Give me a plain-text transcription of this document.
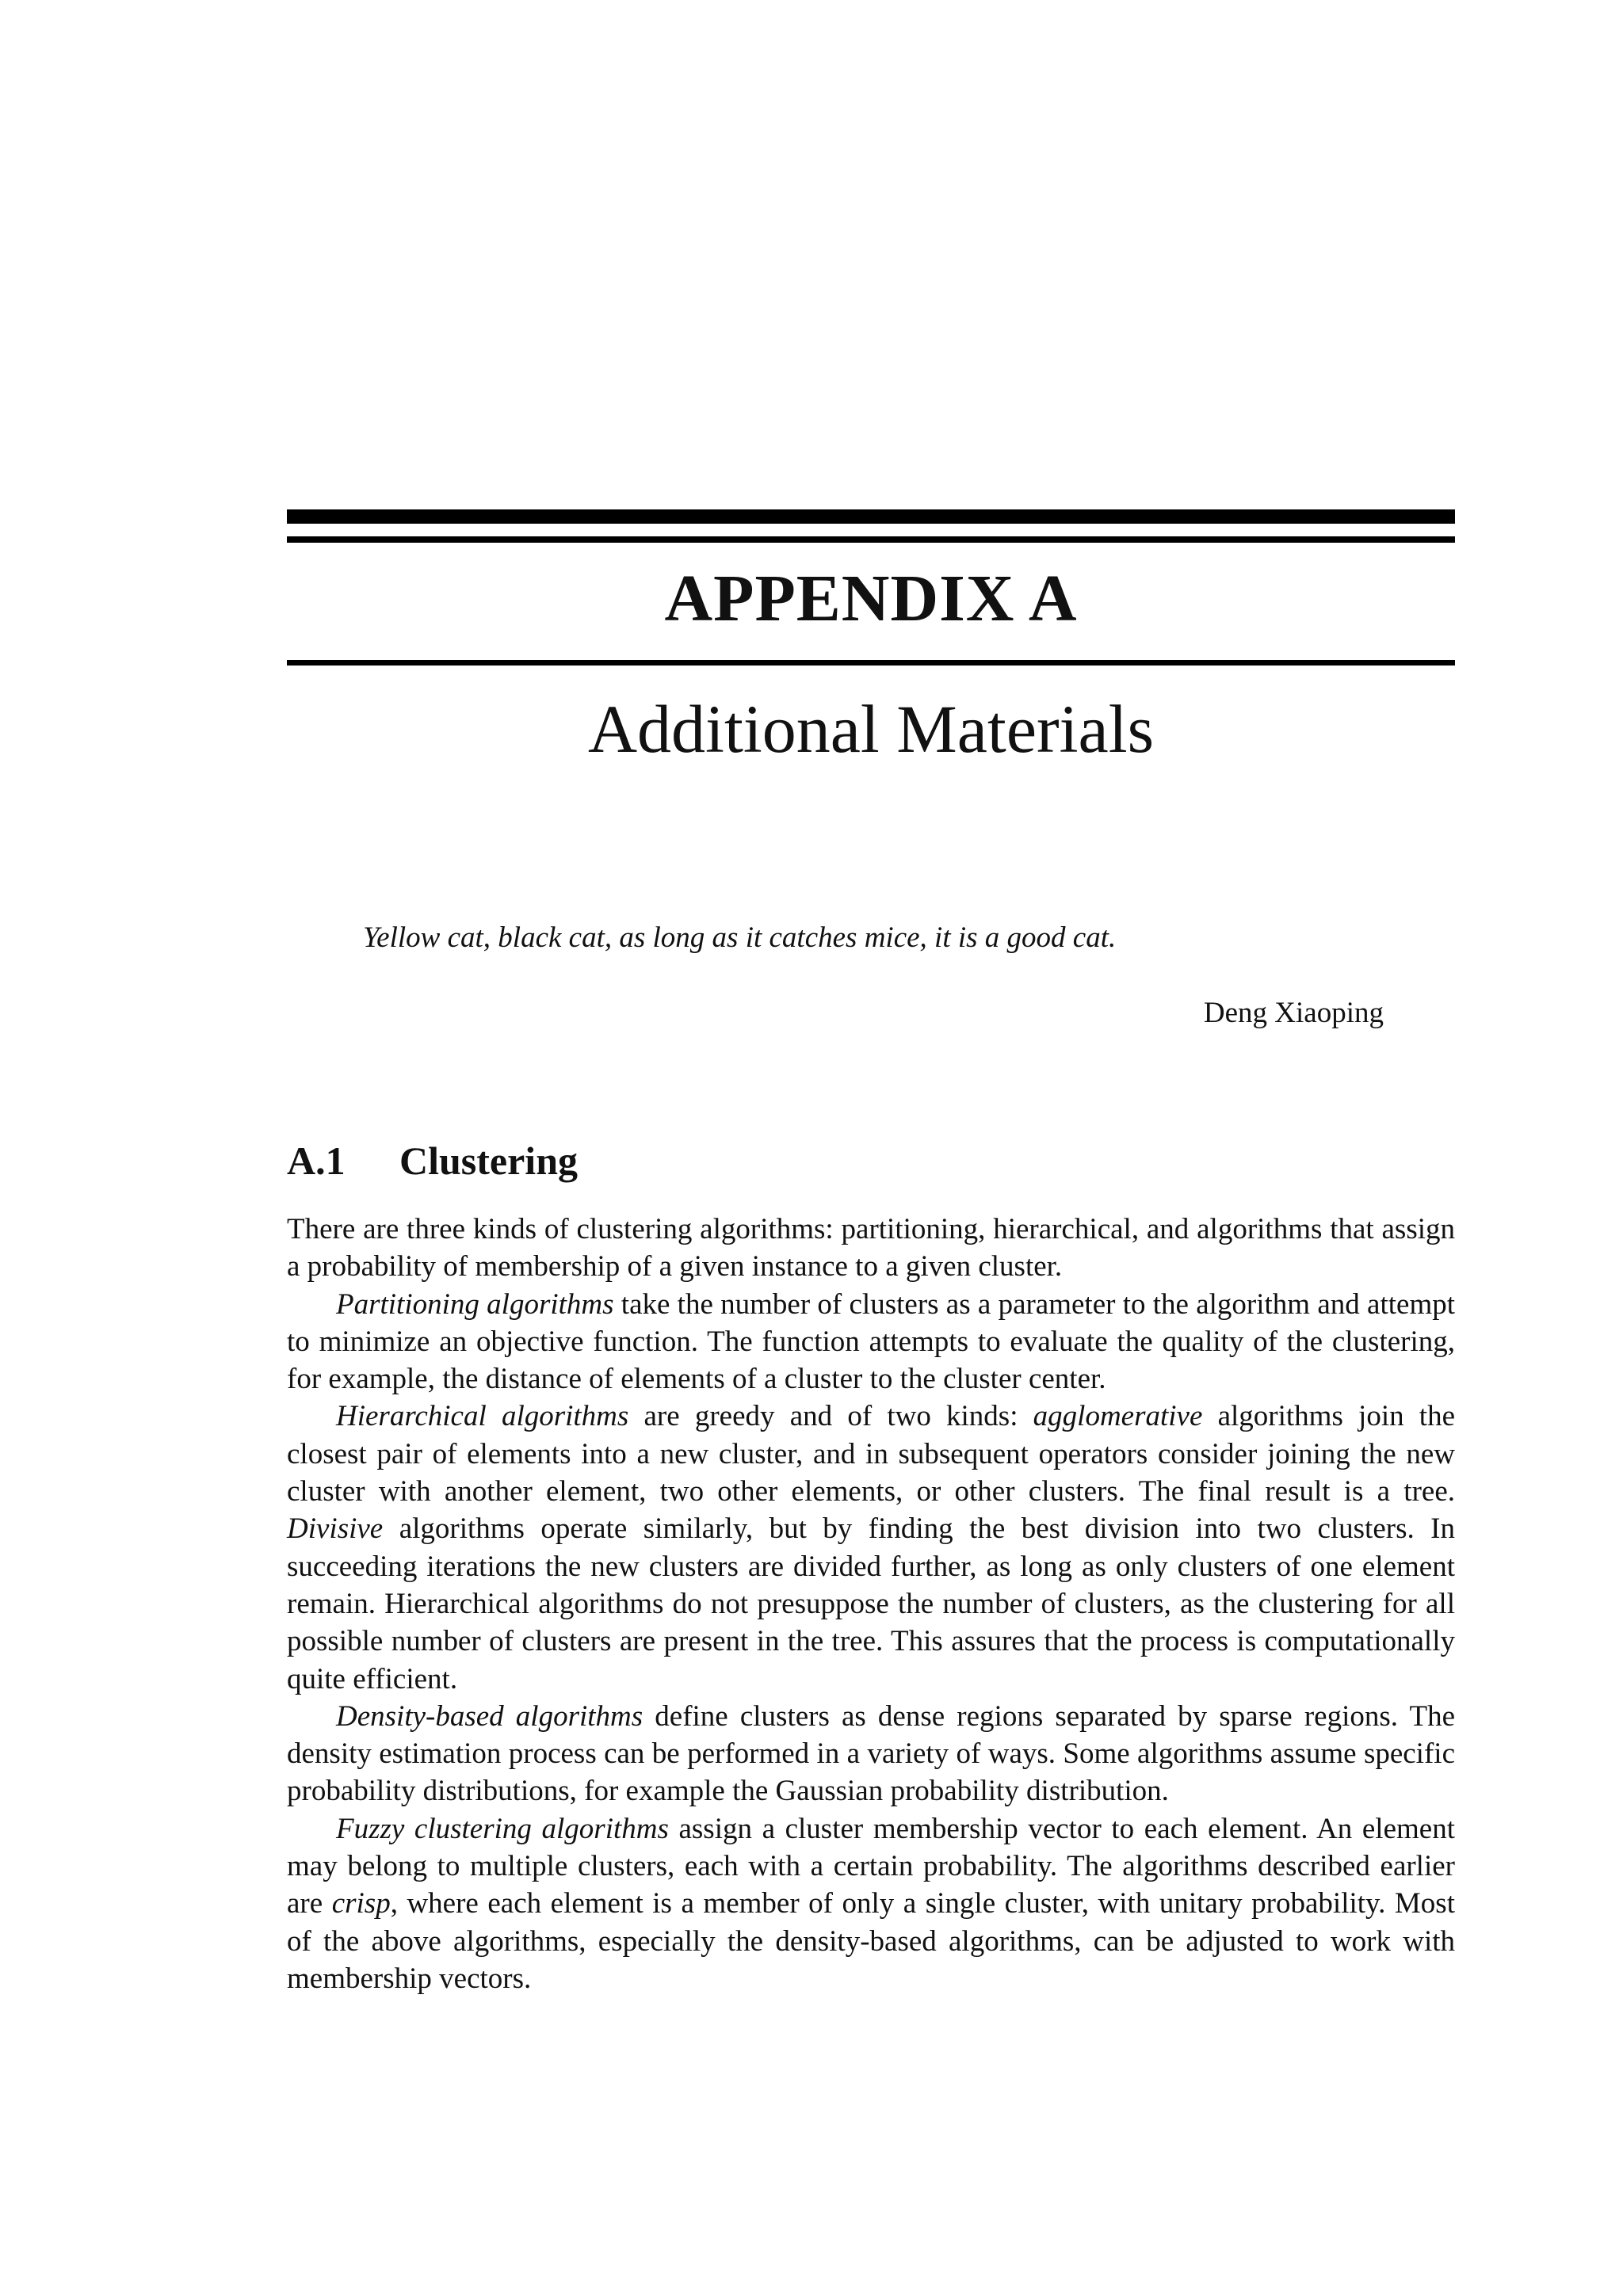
APPENDIX A
Additional Materials
Yellow cat, black cat, as long as it catches mice, it is a good cat.
Deng Xiaoping
A.1 Clustering

There are three kinds of clustering algorithms: partitioning, hierarchical, and algorithms that assign a probability of membership of a given instance to a given cluster.

Partitioning algorithms take the number of clusters as a parameter to the algorithm and attempt to minimize an objective function. The function attempts to evaluate the quality of the clustering, for example, the distance of elements of a cluster to the cluster center.

Hierarchical algorithms are greedy and of two kinds: agglomerative algorithms join the closest pair of elements into a new cluster, and in subsequent operators consider joining the new cluster with another element, two other elements, or other clusters. The final result is a tree. Divisive algorithms operate similarly, but by finding the best division into two clusters. In succeeding iterations the new clusters are divided further, as long as only clusters of one element remain. Hierarchical algorithms do not presuppose the number of clusters, as the clustering for all possible number of clusters are present in the tree. This assures that the process is computationally quite efficient.

Density-based algorithms define clusters as dense regions separated by sparse regions. The density estimation process can be performed in a variety of ways. Some algorithms assume specific probability distributions, for example the Gaussian probability distribution.

Fuzzy clustering algorithms assign a cluster membership vector to each element. An element may belong to multiple clusters, each with a certain probability. The algorithms described earlier are crisp, where each element is a member of only a single cluster, with unitary probability. Most of the above algorithms, especially the density-based algorithms, can be adjusted to work with membership vectors.
